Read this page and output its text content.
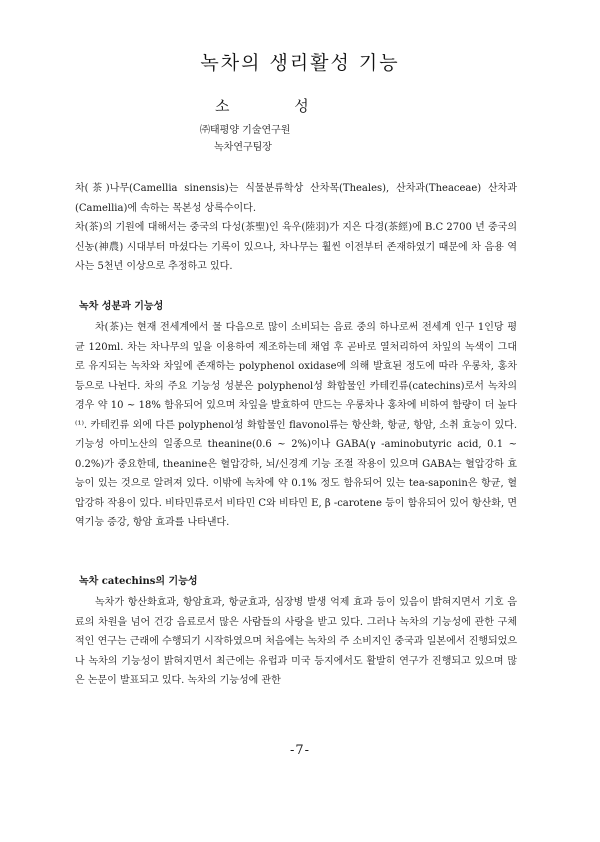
녹차의 생리활성 기능
소 성
㈜태평양 기술연구원
녹차연구팀장

차(茶)나무(Camellia sinensis)는 식물분류학상 산차목(Theales), 산차과(Theaceae) 산차과(Camellia)에 속하는 목본성 상록수이다.

차(茶)의 기원에 대해서는 중국의 다성(茶聖)인 육우(陸羽)가 지은 다경(茶經)에 B.C 2700 년 중국의 신농(神農) 시대부터 마셨다는 기록이 있으나, 차나무는 훨씬 이전부터 존재하였기 때문에 차 음용 역사는 5천년 이상으로 추정하고 있다.

녹차 성분과 기능성

차(茶)는 현재 전세계에서 물 다음으로 많이 소비되는 음료 중의 하나로써 전세계 인구 1인당 평균 120ml. 차는 차나무의 잎을 이용하여 제조하는데 채엽 후 곧바로 열처리하여 차잎의 녹색이 그대로 유지되는 녹차와 차잎에 존재하는 polyphenol oxidase에 의해 발효된 정도에 따라 우롱차, 홍차 등으로 나뉜다. 차의 주요 기능성 성분은 polyphenol성 화합물인 카테킨류(catechins)로서 녹차의 경우 약 10 ~ 18% 함유되어 있으며 차잎을 발효하여 만드는 우롱차나 홍차에 비하여 함량이 더 높다⁽¹⁾. 카테킨류 외에 다른 polyphenol성 화합물인 flavonol류는 항산화, 항균, 항암, 소취 효능이 있다. 기능성 아미노산의 일종으로 theanine(0.6 ~ 2%)이나 GABA(γ -aminobutyric acid, 0.1 ~ 0.2%)가 중요한데, theanine은 혈압강하, 뇌/신경계 기능 조절 작용이 있으며 GABA는 혈압강하 효능이 있는 것으로 알려져 있다. 이밖에 녹차에 약 0.1% 정도 함유되어 있는 tea-saponin은 항균, 혈압강하 작용이 있다. 비타민류로서 비타민 C와 비타민 E, β -carotene 등이 함유되어 있어 항산화, 면역기능 증강, 항암 효과를 나타낸다.

녹차 catechins의 기능성

녹차가 항산화효과, 항암효과, 항균효과, 심장병 발생 억제 효과 등이 있음이 밝혀지면서 기호 음료의 차원을 넘어 건강 음료로서 많은 사람들의 사랑을 받고 있다. 그러나 녹차의 기능성에 관한 구체적인 연구는 근래에 수행되기 시작하였으며 처음에는 녹차의 주 소비지인 중국과 일본에서 진행되었으나 녹차의 기능성이 밝혀지면서 최근에는 유럽과 미국 등지에서도 활발히 연구가 진행되고 있으며 많은 논문이 발표되고 있다. 녹차의 기능성에 관한

-7-
